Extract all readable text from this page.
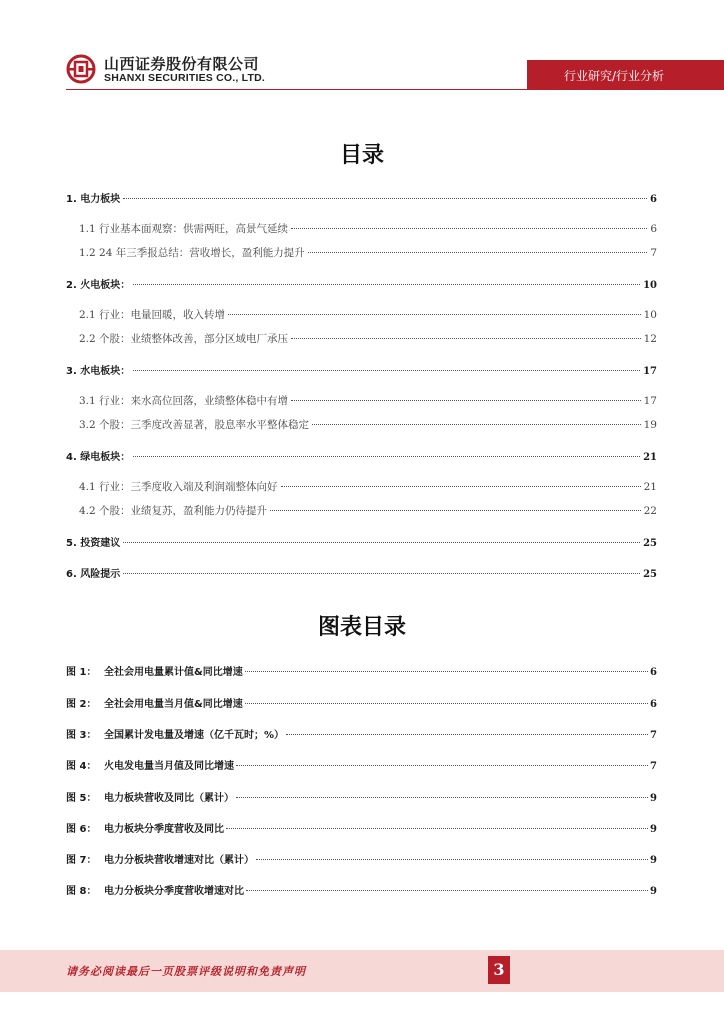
山西证券股份有限公司
SHANXI SECURITIES CO., LTD.	行业研究/行业分析
目录
1. 电力板块	6
1.1 行业基本面观察：供需两旺，高景气延续	6
1.2 24 年三季报总结：营收增长，盈利能力提升	7
2. 火电板块：	10
2.1 行业：电量回暖，收入转增	10
2.2 个股：业绩整体改善，部分区域电厂承压	12
3. 水电板块：	17
3.1 行业：来水高位回落，业绩整体稳中有增	17
3.2 个股：三季度改善显著，股息率水平整体稳定	19
4. 绿电板块：	21
4.1 行业：三季度收入端及利润端整体向好	21
4.2 个股：业绩复苏，盈利能力仍待提升	22
5. 投资建议	25
6. 风险提示	25
图表目录
图 1： 全社会用电量累计值&同比增速	6
图 2： 全社会用电量当月值&同比增速	6
图 3： 全国累计发电量及增速（亿千瓦时；%）	7
图 4： 火电发电量当月值及同比增速	7
图 5： 电力板块营收及同比（累计）	9
图 6： 电力板块分季度营收及同比	9
图 7： 电力分板块营收增速对比（累计）	9
图 8： 电力分板块分季度营收增速对比	9
请务必阅读最后一页股票评级说明和免责声明	3
